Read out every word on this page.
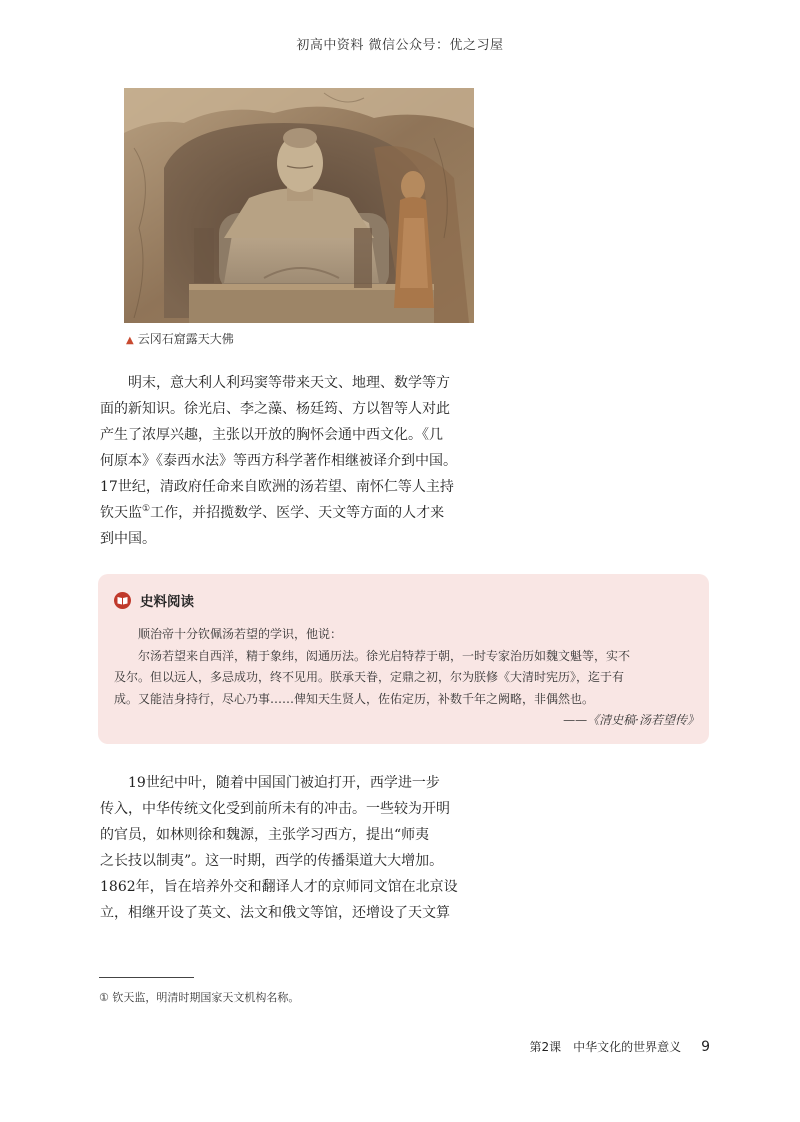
初高中资料 微信公众号：优之习屋
▲ 云冈石窟露天大佛
明末，意大利人利玛窦等带来天文、地理、数学等方
面的新知识。徐光启、李之藻、杨廷筠、方以智等人对此
产生了浓厚兴趣，主张以开放的胸怀会通中西文化。《几
何原本》《泰西水法》等西方科学著作相继被译介到中国。
17世纪，清政府任命来自欧洲的汤若望、南怀仁等人主持
钦天监①工作，并招揽数学、医学、天文等方面的人才来
到中国。
史料阅读
顺治帝十分钦佩汤若望的学识，他说：
尔汤若望来自西洋，精于象纬，闳通历法。徐光启特荐于朝，一时专家治历如魏文魁等，实不
及尔。但以远人，多忌成功，终不见用。朕承天眷，定鼎之初，尔为朕修《大清时宪历》，迄于有
成。又能洁身持行，尽心乃事……俾知天生贤人，佐佑定历，补数千年之阙略，非偶然也。
——《清史稿·汤若望传》
19世纪中叶，随着中国国门被迫打开，西学进一步
传入，中华传统文化受到前所未有的冲击。一些较为开明
的官员，如林则徐和魏源，主张学习西方，提出“师夷
之长技以制夷”。这一时期，西学的传播渠道大大增加。
1862年，旨在培养外交和翻译人才的京师同文馆在北京设
立，相继开设了英文、法文和俄文等馆，还增设了天文算
① 钦天监，明清时期国家天文机构名称。
第2课　中华文化的世界意义 9
